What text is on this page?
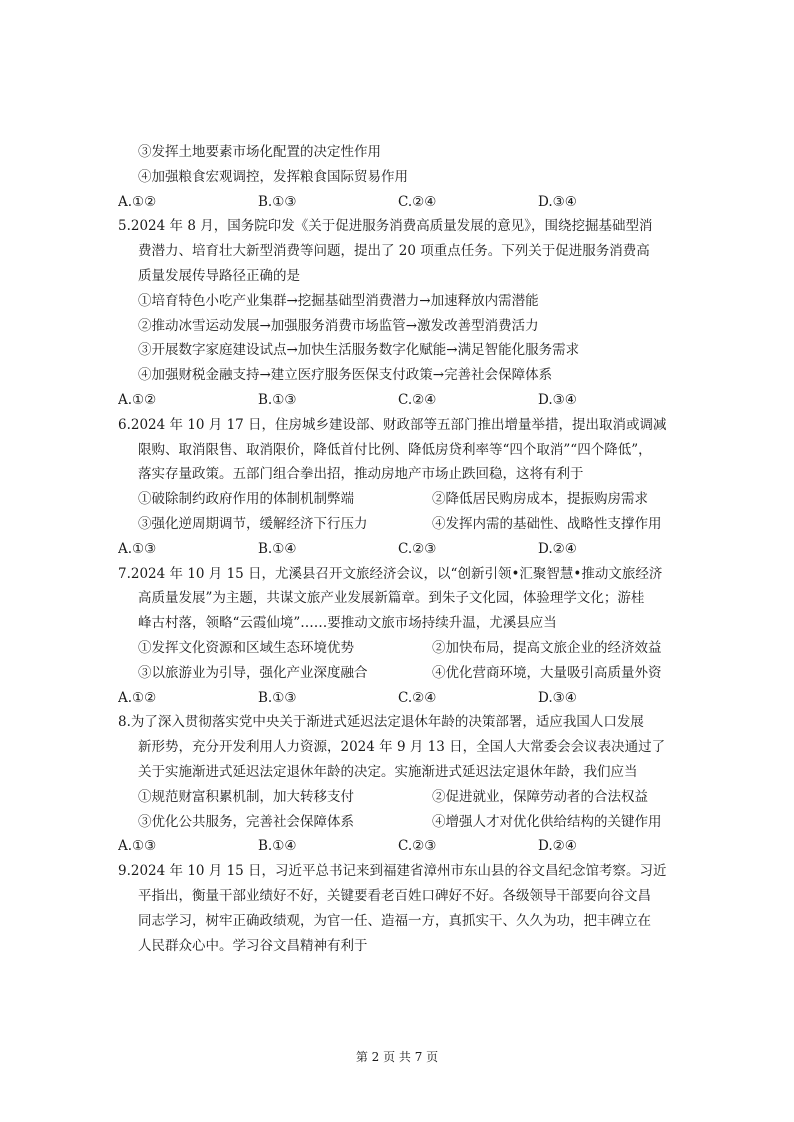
③发挥土地要素市场化配置的决定性作用
④加强粮食宏观调控，发挥粮食国际贸易作用
A.①②	B.①③	C.②④	D.③④
5.2024 年 8 月，国务院印发《关于促进服务消费高质量发展的意见》，围绕挖掘基础型消
费潜力、培育壮大新型消费等问题，提出了 20 项重点任务。下列关于促进服务消费高
质量发展传导路径正确的是
①培育特色小吃产业集群→挖掘基础型消费潜力→加速释放内需潜能
②推动冰雪运动发展→加强服务消费市场监管→激发改善型消费活力
③开展数字家庭建设试点→加快生活服务数字化赋能→满足智能化服务需求
④加强财税金融支持→建立医疗服务医保支付政策→完善社会保障体系
A.①②	B.①③	C.②④	D.③④
6.2024 年 10 月 17 日，住房城乡建设部、财政部等五部门推出增量举措，提出取消或调减
限购、取消限售、取消限价，降低首付比例、降低房贷利率等“四个取消”“四个降低”，
落实存量政策。五部门组合拳出招，推动房地产市场止跌回稳，这将有利于
①破除制约政府作用的体制机制弊端	②降低居民购房成本，提振购房需求
③强化逆周期调节，缓解经济下行压力	④发挥内需的基础性、战略性支撑作用
A.①③	B.①④	C.②③	D.②④
7.2024 年 10 月 15 日，尤溪县召开文旅经济会议，以“创新引领•汇聚智慧•推动文旅经济
高质量发展”为主题，共谋文旅产业发展新篇章。到朱子文化园，体验理学文化；游桂
峰古村落，领略“云霞仙境”……要推动文旅市场持续升温，尤溪县应当
①发挥文化资源和区域生态环境优势	②加快布局，提高文旅企业的经济效益
③以旅游业为引导，强化产业深度融合	④优化营商环境，大量吸引高质量外资
A.①②	B.①③	C.②④	D.③④
8.为了深入贯彻落实党中央关于渐进式延迟法定退休年龄的决策部署，适应我国人口发展
新形势，充分开发利用人力资源，2024 年 9 月 13 日，全国人大常委会会议表决通过了
关于实施渐进式延迟法定退休年龄的决定。实施渐进式延迟法定退休年龄，我们应当
①规范财富积累机制，加大转移支付	②促进就业，保障劳动者的合法权益
③优化公共服务，完善社会保障体系	④增强人才对优化供给结构的关键作用
A.①③	B.①④	C.②③	D.②④
9.2024 年 10 月 15 日，习近平总书记来到福建省漳州市东山县的谷文昌纪念馆考察。习近
平指出，衡量干部业绩好不好，关键要看老百姓口碑好不好。各级领导干部要向谷文昌
同志学习，树牢正确政绩观，为官一任、造福一方，真抓实干、久久为功，把丰碑立在
人民群众心中。学习谷文昌精神有利于
第 2 页 共 7 页
